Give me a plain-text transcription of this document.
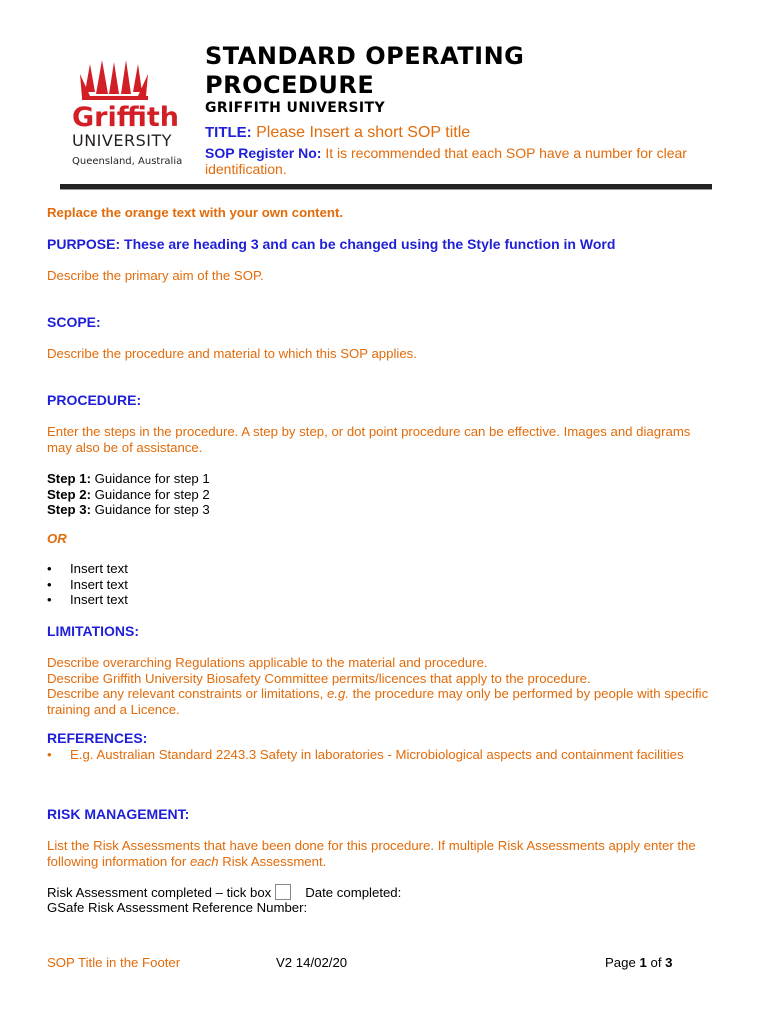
Griffith
UNIVERSITY
Queensland, Australia
STANDARD OPERATING PROCEDURE
GRIFFITH UNIVERSITY
TITLE: Please Insert a short SOP title
SOP Register No: It is recommended that each SOP have a number for clear identification.
Replace the orange text with your own content.
PURPOSE: These are heading 3 and can be changed using the Style function in Word
Describe the primary aim of the SOP.
SCOPE:
Describe the procedure and material to which this SOP applies.
PROCEDURE:
Enter the steps in the procedure. A step by step, or dot point procedure can be effective. Images and diagrams may also be of assistance.
Step 1: Guidance for step 1
Step 2: Guidance for step 2
Step 3: Guidance for step 3
OR
• Insert text
• Insert text
• Insert text
LIMITATIONS:
Describe overarching Regulations applicable to the material and procedure.
Describe Griffith University Biosafety Committee permits/licences that apply to the procedure.
Describe any relevant constraints or limitations, e.g. the procedure may only be performed by people with specific training and a Licence.
REFERENCES:
• E.g. Australian Standard 2243.3 Safety in laboratories - Microbiological aspects and containment facilities
RISK MANAGEMENT:
List the Risk Assessments that have been done for this procedure. If multiple Risk Assessments apply enter the following information for each Risk Assessment.
Risk Assessment completed – tick box	Date completed:
GSafe Risk Assessment Reference Number:
SOP Title in the Footer	V2 14/02/20	Page 1 of 3
